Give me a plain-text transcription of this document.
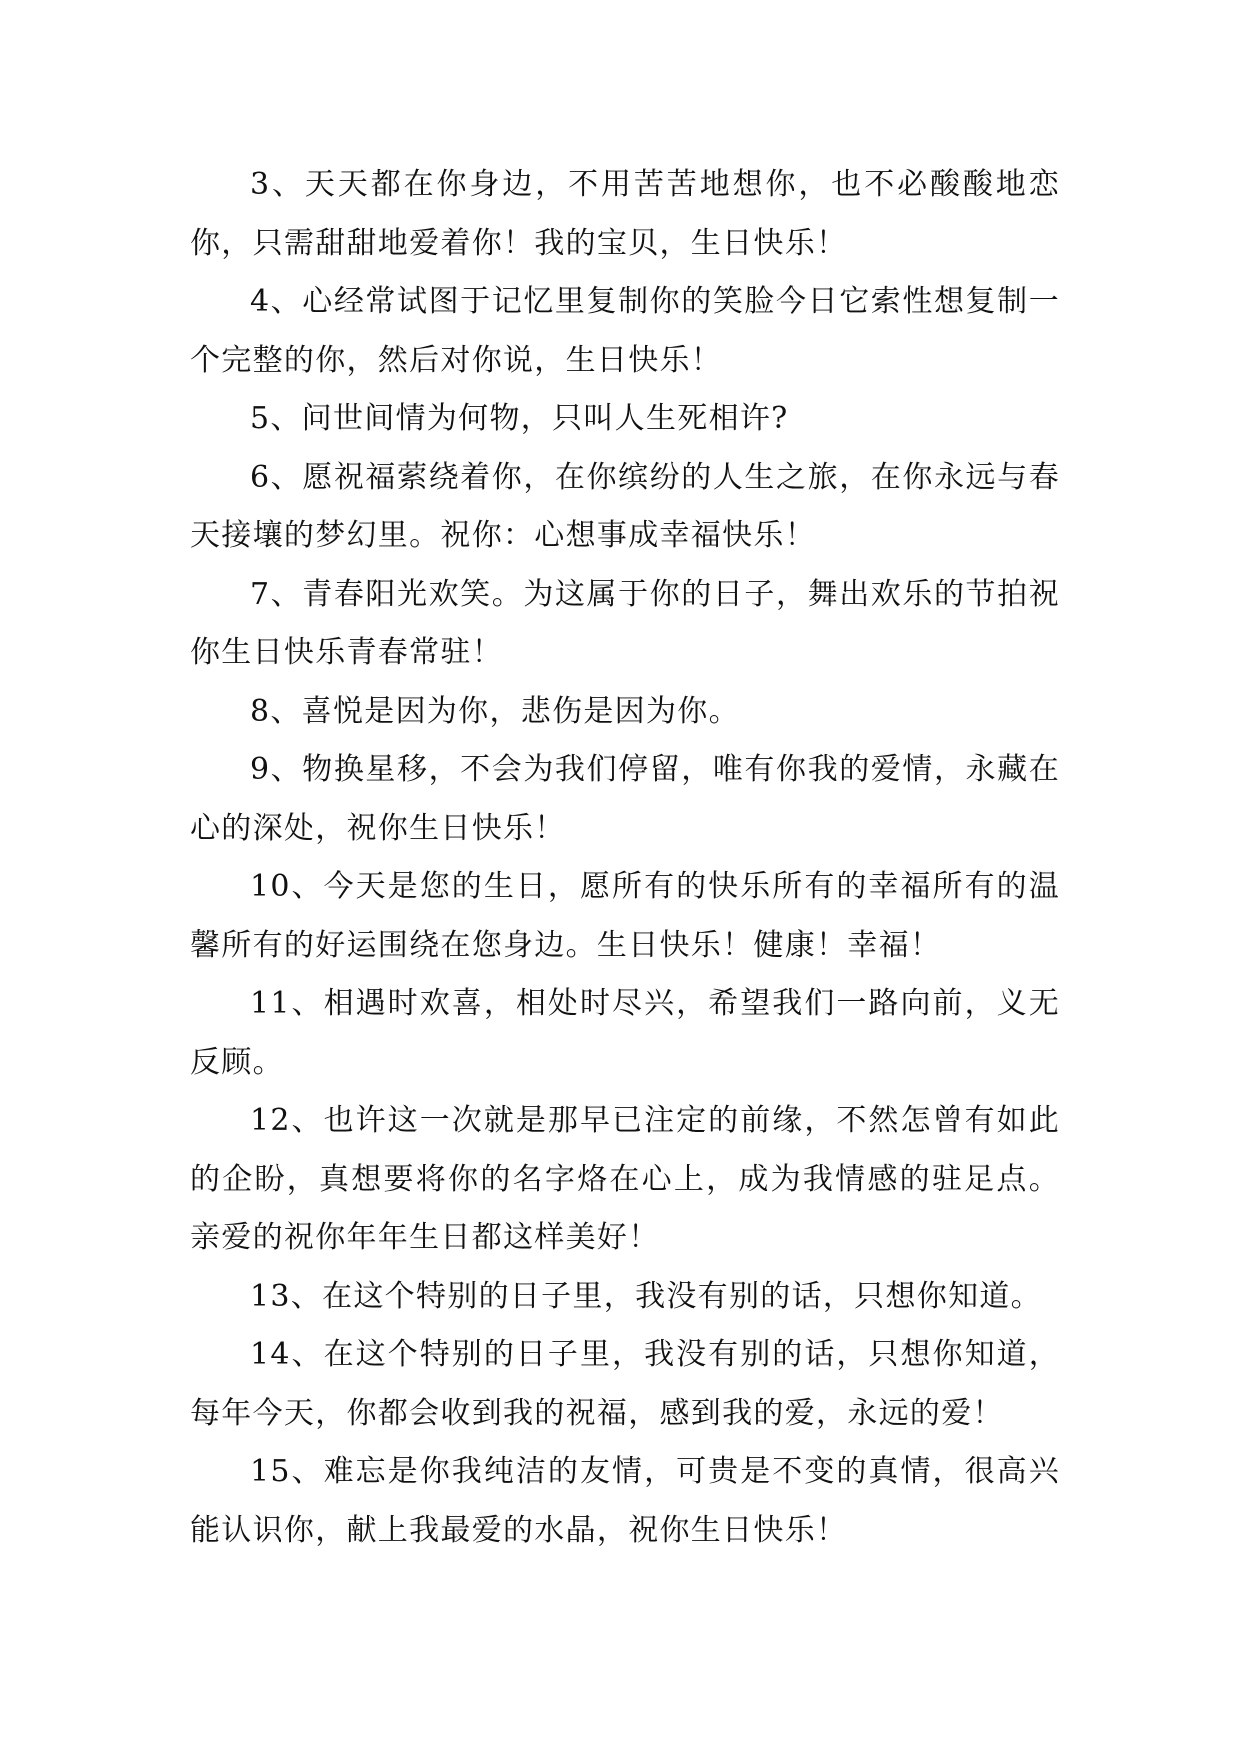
3、天天都在你身边，不用苦苦地想你，也不必酸酸地恋你，只需甜甜地爱着你！我的宝贝，生日快乐！

4、心经常试图于记忆里复制你的笑脸今日它索性想复制一个完整的你，然后对你说，生日快乐！

5、问世间情为何物，只叫人生死相许?

6、愿祝福萦绕着你，在你缤纷的人生之旅，在你永远与春天接壤的梦幻里。祝你：心想事成幸福快乐！

7、青春阳光欢笑。为这属于你的日子，舞出欢乐的节拍祝你生日快乐青春常驻！

8、喜悦是因为你，悲伤是因为你。

9、物换星移，不会为我们停留，唯有你我的爱情，永藏在心的深处，祝你生日快乐！

10、今天是您的生日，愿所有的快乐所有的幸福所有的温馨所有的好运围绕在您身边。生日快乐！健康！幸福！

11、相遇时欢喜，相处时尽兴，希望我们一路向前，义无反顾。

12、也许这一次就是那早已注定的前缘，不然怎曾有如此的企盼，真想要将你的名字烙在心上，成为我情感的驻足点。亲爱的祝你年年生日都这样美好！

13、在这个特别的日子里，我没有别的话，只想你知道。

14、在这个特别的日子里，我没有别的话，只想你知道，每年今天，你都会收到我的祝福，感到我的爱，永远的爱！

15、难忘是你我纯洁的友情，可贵是不变的真情，很高兴能认识你，献上我最爱的水晶，祝你生日快乐！
